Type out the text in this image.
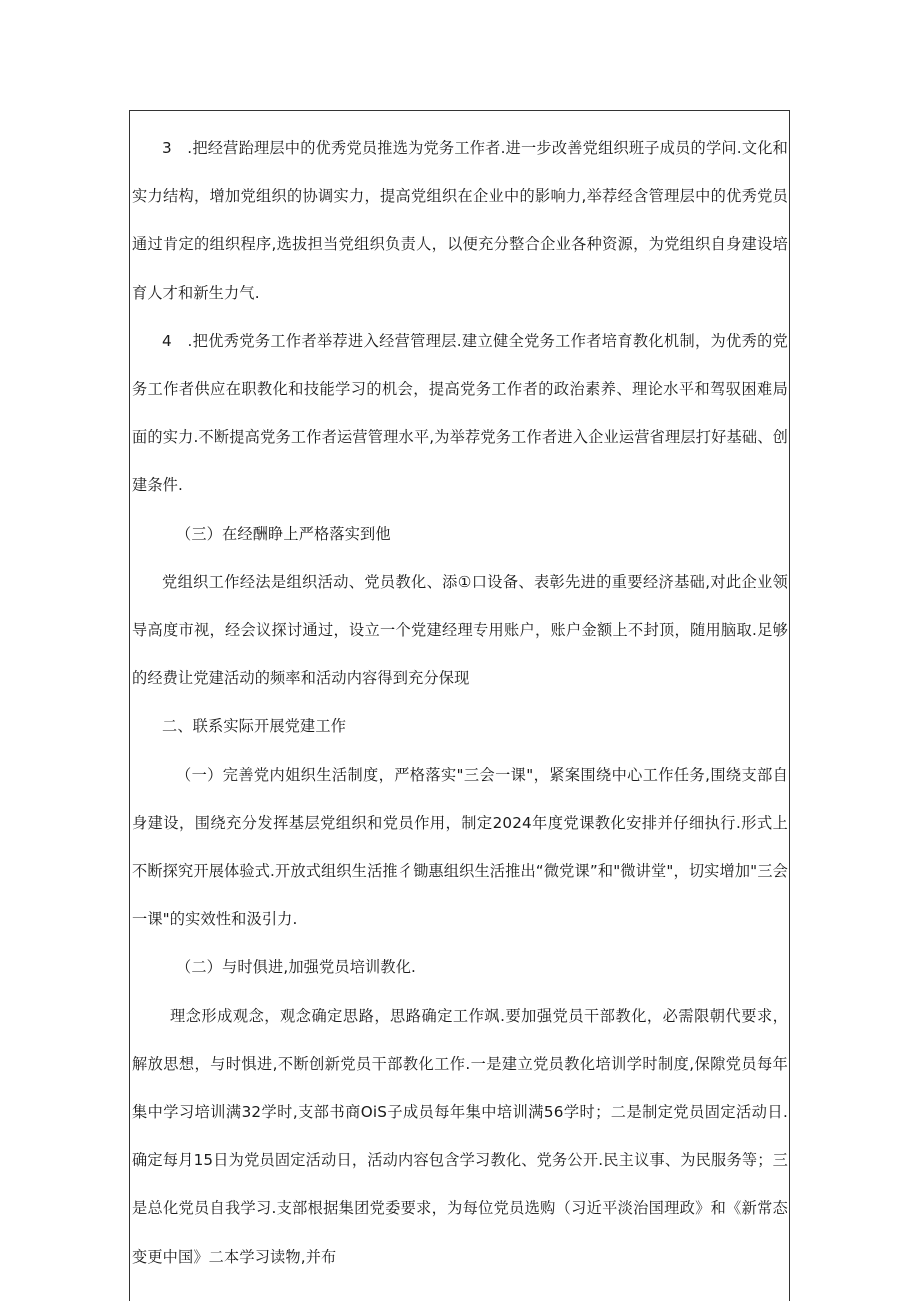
3　.把经营跆理层中的优秀党员推选为党务工作者.进一步改善党组织班子成员的学问.文化和实力结构，增加党组织的协调实力，提高党组织在企业中的影响力,举荐经含管理层中的优秀党员通过肯定的组织程序,选拔担当党组织负责人，以便充分整合企业各种资源，为党组织自身建设培育人才和新生力气.

4　.把优秀党务工作者举荐进入经营管理层.建立健全党务工作者培育教化机制，为优秀的党务工作者供应在职教化和技能学习的机会，提高党务工作者的政治素养、理论水平和驾驭困难局面的实力.不断提高党务工作者运营管理水平,为举荐党务工作者进入企业运营省理层打好基础、创建条件.

（三）在经酬睁上严格落实到他

党组织工作经法是组织活动、党员教化、添①口设备、表彰先进的重要经济基础,对此企业领导高度市视，经会议探讨通过，设立一个党建经理专用账户，账户金额上不封顶，随用脑取.足够的经费让党建活动的频率和活动内容得到充分保现

二、联系实际开展党建工作

（一）完善党内姐织生活制度，严格落实"三会一课"，紧案围绕中心工作任务,围绕支部自身建设，围绕充分发挥基层党组织和党员作用，制定2024年度党课教化安排并仔细执行.形式上不断探究开展体验式.开放式组织生活推彳锄惠组织生活推出“微党课”和"微讲堂"，切实增加"三会一课"的实效性和汲引力.

（二）与时俱进,加强党员培训教化.

理念形成观念，观念确定思路，思路确定工作飒.要加强党员干部教化，必需限朝代要求，解放思想，与时惧进,不断创新党员干部教化工作.一是建立党员教化培训学时制度,保隙党员每年集中学习培训满32学时,支部书商OiS子成员每年集中培训满56学时；二是制定党员固定活动日.确定每月15日为党员固定活动日，活动内容包含学习教化、党务公开.民主议事、为民服务等；三是总化党员自我学习.支部根据集团党委要求，为每位党员选购（习近平淡治国理政》和《新常态变更中国》二本学习读物,并布
